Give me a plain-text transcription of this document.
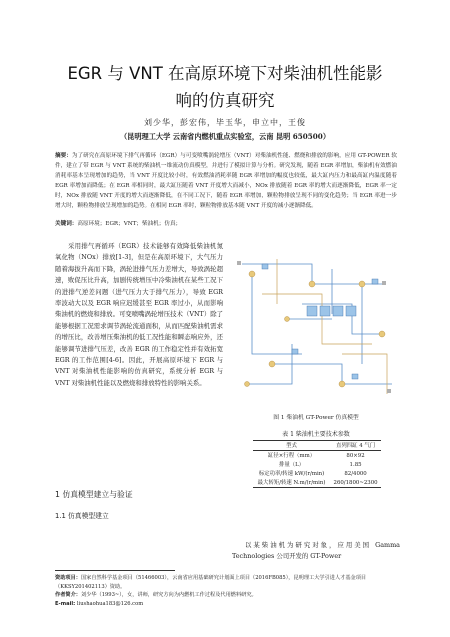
EGR 与 VNT 在高原环境下对柴油机性能影
响的仿真研究
刘少华，彭宏伟，毕玉华，申立中，王俊
（昆明理工大学 云南省内燃机重点实验室，云南 昆明 650500）
摘要：为了研究在高原环境下排气再循环（EGR）与可变喷嘴涡轮增压（VNT）对柴油机性能、燃烧和排放的影响，应用 GT-POWER 软件，建立了带 EGR 与 VNT 系统的柴油机一维流动仿真模型，并进行了模拟计算与分析。研究发现，随着 EGR 率增加，柴油机有效燃油消耗率基本呈现增加的趋势，当 VNT 开度比较小时，有效燃油消耗率随 EGR 率增加的幅度也较低，最大缸内压力和最高缸内温度随着 EGR 率增加而降低；在 EGR 率相同时，最大缸压随着 VNT 开度增大而减小，NOx 排放随着 EGR 率的增大而逐渐降低，EGR 率一定时，NOx 排放随 VNT 开度的增大而逐渐降低，在不同工况下，随着 EGR 率增加，颗粒物排放呈现不同的变化趋势；当 EGR 率进一步增大时，颗粒物排放呈现增加的趋势。在相同 EGR 率时，颗粒物排放基本随 VNT 开度的减小逐渐降低。
关键词：高原环境；EGR；VNT；柴油机；仿真；
采用排气再循环（EGR）技术能够有效降低柴油机氮氧化物（NOx）排放[1-3]，但是在高原环境下，大气压力随着海拔升高而下降，涡轮进排气压力差增大，导致涡轮超速，败促压比升高，加剧传统增压中冷柴油机在某些工况下的进排气逆差问题（进气压力大于排气压力），导致 EGR 率波动大以及 EGR 响应迟缓甚至 EGR 率过小，从而影响柴油机的燃烧和排放。可变喷嘴涡轮增压技术（VNT）除了能够根据工况需求调节涡轮流通面积，从而匹配柴油机需求的增压比，改善增压柴油机的低工况性能和瞬态响应外，还能够调节进排气压差，改善 EGR 的工作稳定性并有效拓宽 EGR 的工作范围[4-6]。因此，开展高原环境下 EGR 与 VNT 对柴油机性能影响的仿真研究，系统分析 EGR 与 VNT 对柴油机性能以及燃烧和排放特性的影响关系。
1 仿真模型建立与验证
1.1 仿真模型建立
图 1 柴油机 GT-Power 仿真模型
表 1 柴油机主要技术参数
型式	直列四缸 4 气门
缸径×行程（mm）	80×92
排量（L）	1.85
标定功率/转速 kW/(r/min)	82/4000
最大转矩/转速 N.m/(r/min)	260/1800~2300
以某柴油机为研究对象，应用美国 Gamma Technologies 公司开发的 GT-Power
资助项目：国家自然科学基金项目（51466003），云南省应用基础研究计划面上项目（2016FB085），昆明理工大学引进人才基金项目（KKSY201402113）资助。
作者简介：刘少华（1993~），女，讲师，研究方向为内燃机工作过程及代用燃料研究。
E-mail: liushaohua183@126.com
